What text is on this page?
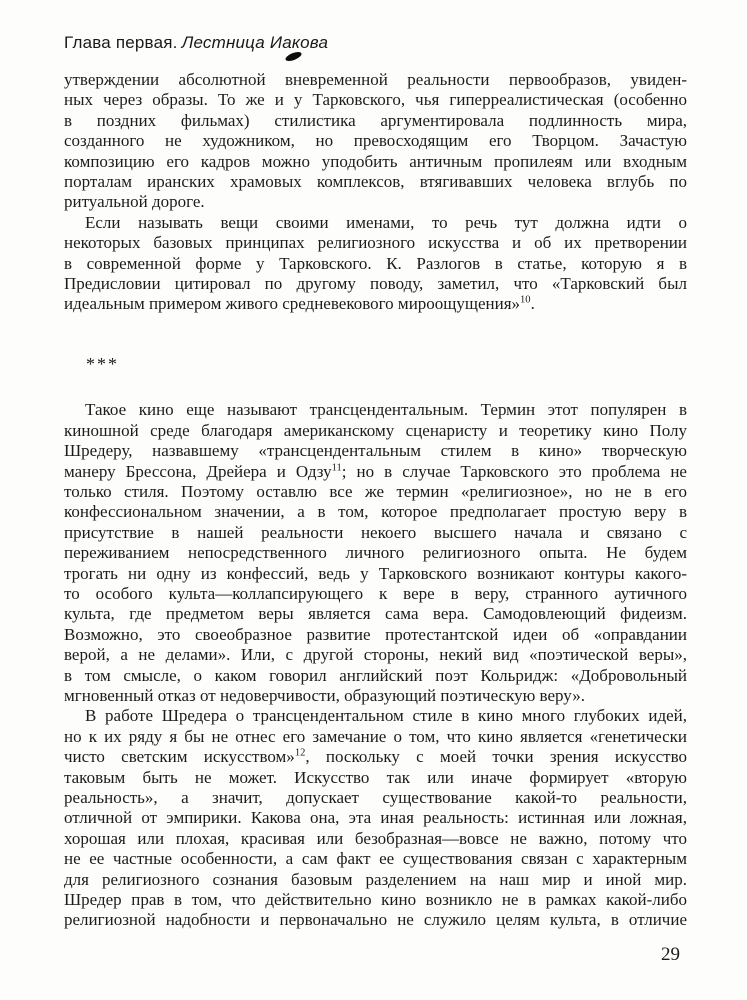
Глава первая. Лестница Иакова
утверждении абсолютной вневременной реальности первообразов, увиден-
ных через образы. То же и у Тарковского, чья гиперреалистическая (особенно
в поздних фильмах) стилистика аргументировала подлинность мира,
созданного не художником, но превосходящим его Творцом. Зачастую
композицию его кадров можно уподобить античным пропилеям или входным
порталам иранских храмовых комплексов, втягивавших человека вглубь по
ритуальной дороге.
Если называть вещи своими именами, то речь тут должна идти о
некоторых базовых принципах религиозного искусства и об их претворении
в современной форме у Тарковского. К. Разлогов в статье, которую я в
Предисловии цитировал по другому поводу, заметил, что «Тарковский был
идеальным примером живого средневекового мироощущения»$^{10}$.
***
Такое кино еще называют трансцендентальным. Термин этот популярен в
киношной среде благодаря американскому сценаристу и теоретику кино Полу
Шредеру, назвавшему «трансцендентальным стилем в кино» творческую
манеру Брессона, Дрейера и Одзу$^{11}$; но в случае Тарковского это проблема не
только стиля. Поэтому оставлю все же термин «религиозное», но не в его
конфессиональном значении, а в том, которое предполагает простую веру в
присутствие в нашей реальности некоего высшего начала и связано с
переживанием непосредственного личного религиозного опыта. Не будем
трогать ни одну из конфессий, ведь у Тарковского возникают контуры какого-
то особого культа—коллапсирующего к вере в веру, странного аутичного
культа, где предметом веры является сама вера. Самодовлеющий фидеизм.
Возможно, это своеобразное развитие протестантской идеи об «оправдании
верой, а не делами». Или, с другой стороны, некий вид «поэтической веры»,
в том смысле, о каком говорил английский поэт Кольридж: «Добровольный
мгновенный отказ от недоверчивости, образующий поэтическую веру».
В работе Шредера о трансцендентальном стиле в кино много глубоких идей,
но к их ряду я бы не отнес его замечание о том, что кино является «генетически
чисто светским искусством»$^{12}$, поскольку с моей точки зрения искусство
таковым быть не может. Искусство так или иначе формирует «вторую
реальность», а значит, допускает существование какой-то реальности,
отличной от эмпирики. Какова она, эта иная реальность: истинная или ложная,
хорошая или плохая, красивая или безобразная—вовсе не важно, потому что
не ее частные особенности, а сам факт ее существования связан с характерным
для религиозного сознания базовым разделением на наш мир и иной мир.
Шредер прав в том, что действительно кино возникло не в рамках какой-либо
религиозной надобности и первоначально не служило целям культа, в отличие
29
